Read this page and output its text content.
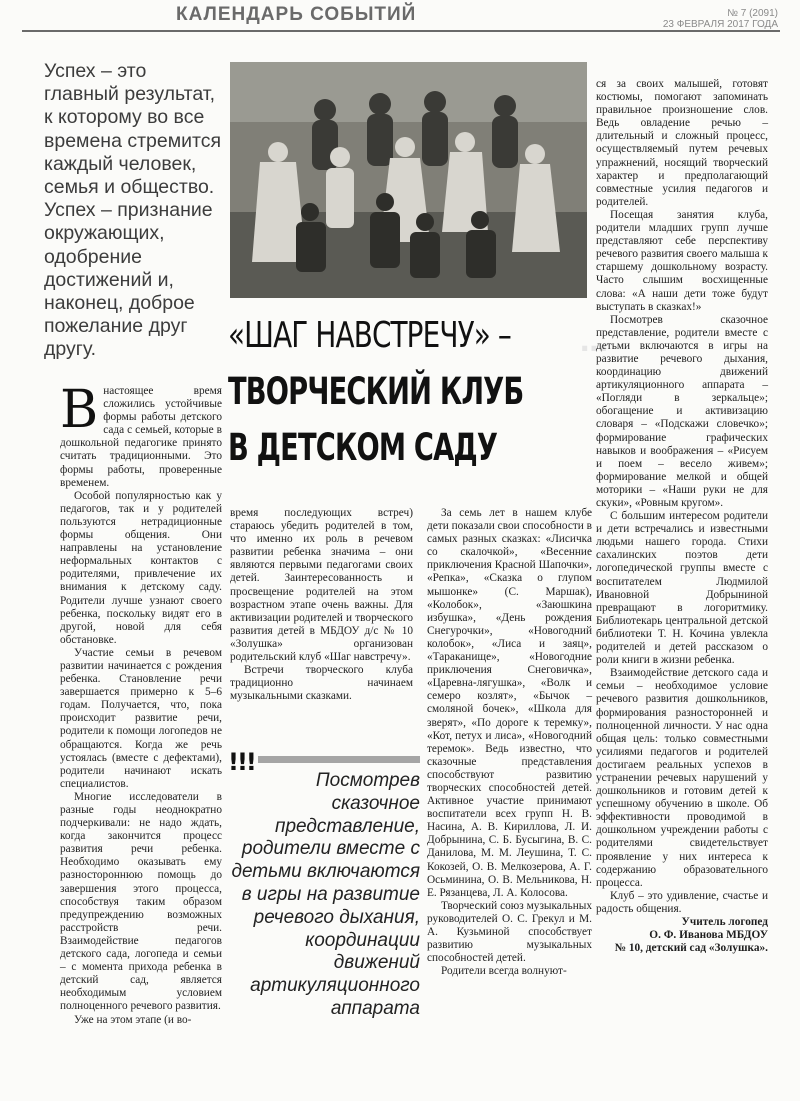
КАЛЕНДАРЬ СОБЫТИЙ	№ 7 (2091)
23 ФЕВРАЛЯ 2017 ГОДА

Успех – это главный результат, к которому во все времена стремится каждый человек, семья и общество.

Успех – признание окружающих, одобрение достижений и, наконец, доброе пожелание друг другу.	…
«ШАГ НАВСТРЕЧУ» –
ТВОРЧЕСКИЙ КЛУБ
В ДЕТСКОМ САДУ

Внастоящее время сложились устойчивые формы работы детского сада с семьей, которые в дошкольной педагогике принято считать традиционными. Это формы работы, проверенные временем.

Особой популярностью как у педагогов, так и у родителей пользуются нетрадиционные формы общения. Они направлены на установление неформальных контактов с родителями, привлечение их внимания к детскому саду. Родители лучше узнают своего ребенка, поскольку видят его в другой, новой для себя обстановке.

Участие семьи в речевом развитии начинается с рождения ребенка. Становление речи завершается примерно к 5–6 годам. Получается, что, пока происходит развитие речи, родители к помощи логопедов не обращаются. Когда же речь устоялась (вместе с дефектами), родители начинают искать специалистов.

Многие исследователи в разные годы неоднократно подчеркивали: не надо ждать, когда закончится процесс развития речи ребенка. Необходимо оказывать ему разностороннюю помощь до завершения этого процесса, способствуя таким образом предупреждению возможных расстройств речи. Взаимодействие педагогов детского сада, логопеда и семьи – с момента прихода ребенка в детский сад, является необходимым условием полноценного речевого развития.

Уже на этом этапе (и во-

время последующих встреч) стараюсь убедить родителей в том, что именно их роль в речевом развитии ребенка значима – они являются первыми педагогами своих детей. Заинтересованность и просвещение родителей на этом возрастном этапе очень важны. Для активизации родителей и творческого развития детей в МБДОУ д/с № 10 «Золушка» организован родительский клуб «Шаг навстречу».

Встречи творческого клуба традиционно начинаем музыкальными сказками.

!!!
Посмотрев сказочное представление, родители вместе с детьми включаются в игры на развитие речевого дыхания, координации движений артикуляционного аппарата

За семь лет в нашем клубе дети показали свои способности в самых разных сказках: «Лисичка со скалочкой», «Весенние приключения Красной Шапочки», «Репка», «Сказка о глупом мышонке» (С. Маршак), «Колобок», «Заюшкина избушка», «День рождения Снегурочки», «Новогодний колобок», «Лиса и заяц», «Тараканище», «Новогодние приключения Снеговичка», «Царевна-лягушка», «Волк и семеро козлят», «Бычок – смоляной бочек», «Школа для зверят», «По дороге к теремку», «Кот, петух и лиса», «Новогодний теремок». Ведь известно, что сказочные представления способствуют развитию творческих способностей детей. Активное участие принимают воспитатели всех групп Н. В. Насина, А. В. Кириллова, Л. И. Добрынина, С. Б. Бусыгина, В. С. Данилова, М. М. Леушина, Т. С. Кокозей, О. В. Мелкозерова, А. Г. Осьминина, О. В. Мельникова, Н. Е. Рязанцева, Л. А. Колосова.

Творческий союз музыкальных руководителей О. С. Грекул и М. А. Кузьминой способствует развитию музыкальных способностей детей.

Родители всегда волнуют-

ся за своих малышей, готовят костюмы, помогают запоминать правильное произношение слов. Ведь овладение речью – длительный и сложный процесс, осуществляемый путем речевых упражнений, носящий творческий характер и предполагающий совместные усилия педагогов и родителей.

Посещая занятия клуба, родители младших групп лучше представляют себе перспективу речевого развития своего малыша к старшему дошкольному возрасту. Часто слышим восхищенные слова: «А наши дети тоже будут выступать в сказках!»

Посмотрев сказочное представление, родители вместе с детьми включаются в игры на развитие речевого дыхания, координацию движений артикуляционного аппарата – «Погляди в зеркальце»; обогащение и активизацию словаря – «Подскажи словечко»; формирование графических навыков и воображения – «Рисуем и поем – весело живем»; формирование мелкой и общей моторики – «Наши руки не для скуки», «Ровным кругом».

С большим интересом родители и дети встречались и известными людьми нашего города. Стихи сахалинских поэтов дети логопедической группы вместе с воспитателем Людмилой Ивановной Добрыниной превращают в логоритмику. Библиотекарь центральной детской библиотеки Т. Н. Кочина увлекла родителей и детей рассказом о роли книги в жизни ребенка.

Взаимодействие детского сада и семьи – необходимое условие речевого развития дошкольников, формирования разносторонней и полноценной личности. У нас одна общая цель: только совместными усилиями педагогов и родителей достигаем реальных успехов в устранении речевых нарушений у дошкольников и готовим детей к успешному обучению в школе. Об эффективности проводимой в дошкольном учреждении работы с родителями свидетельствует проявление у них интереса к содержанию образовательного процесса.

Клуб – это удивление, счастье и радость общения.

Учитель логопед

О. Ф. Иванова МБДОУ

№ 10, детский сад «Золушка».
